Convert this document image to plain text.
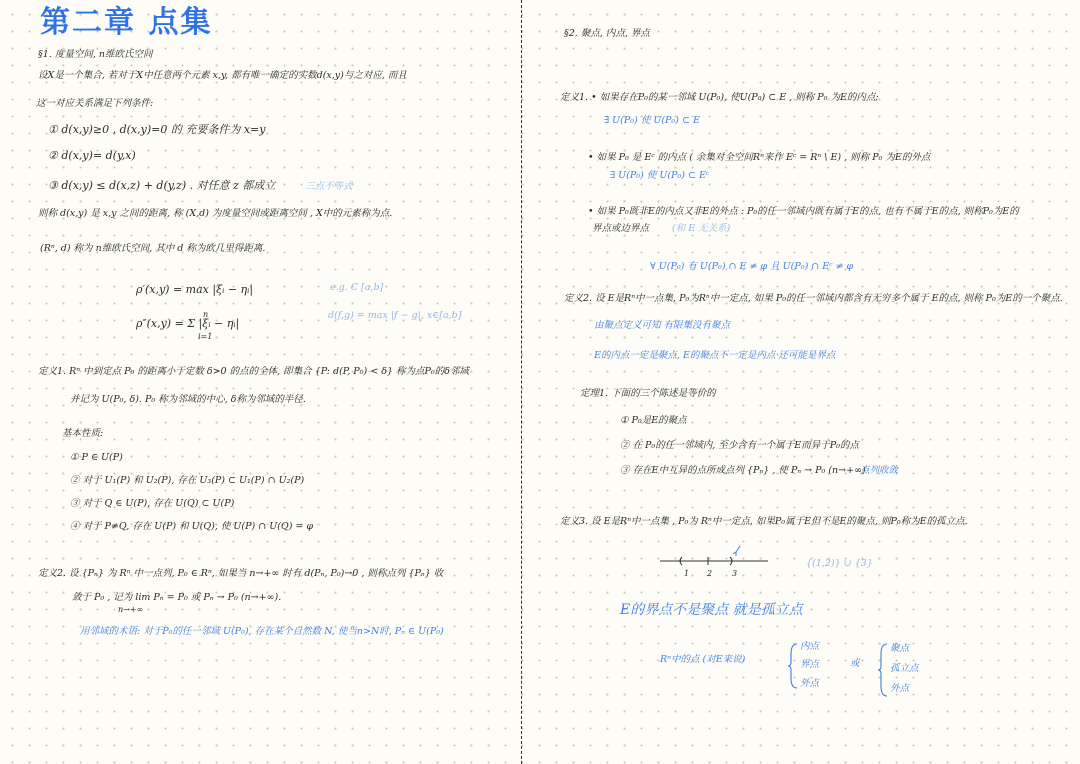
第二章 点集
§1. 度量空间, n维欧氏空间
设X是一个集合, 若对于X中任意两个元素 x,y, 都有唯一确定的实数d(x,y)与之对应, 而且
这一对应关系满足下列条件:
① d(x,y)≥0 , d(x,y)=0 的 充要条件为 x=y
② d(x,y)= d(y,x)
③ d(x,y) ≤ d(x,z) + d(y,z) . 对任意 z 都成立	三点不等式
则称 d(x,y) 是 x,y 之间的距离, 称 (X,d) 为度量空间或距离空间 , X中的元素称为点.
(Rⁿ, d) 称为 n维欧氏空间, 其中 d 称为欧几里得距离.
ρ′(x,y) = max |ξᵢ − ηᵢ|	e.g. C [a,b]
ρ″(x,y) = Σ |ξᵢ − ηᵢ|
n
i=1
d(f,g) = max |f − g|, x∈[a,b]
定义1. Rⁿ 中到定点 P₀ 的距离小于定数 δ>0 的点的全体, 即集合 {P: d(P, P₀) < δ} 称为点P₀的δ邻域
并记为 U(P₀, δ). P₀ 称为邻域的中心, δ称为邻域的半径.
基本性质:
① P ∈ U(P)
② 对于 U₁(P) 和 U₂(P), 存在 U₃(P) ⊂ U₁(P) ∩ U₂(P)
③ 对于 Q ∈ U(P), 存在 U(Q) ⊂ U(P)
④ 对于 P≠Q, 存在 U(P) 和 U(Q), 使 U(P) ∩ U(Q) = φ
定义2. 设 {Pₙ} 为 Rⁿ 中一点列, P₀ ∈ Rⁿ, 如果当 n→+∞ 时有 d(Pₙ, P₀)→0 , 则称点列 {Pₙ} 收
敛于 P₀ , 记为 lim Pₙ = P₀ 或 Pₙ → P₀ (n→+∞).
n→+∞
用邻域的术语: 对于P₀的任一邻域 U(P₀), 存在某个自然数 N, 使当n>N时, Pₙ ∈ U(P₀)
§2. 聚点, 内点, 界点
定义1. • 如果存在P₀的某一邻域 U(P₀), 使U(P₀) ⊂ E , 则称 P₀ 为E的内点;
∃ U(P₀) 使 U(P₀) ⊂ E
• 如果 P₀ 是 Eᶜ 的内点 ( 余集对全空间Rⁿ来作 Eᶜ = Rⁿ \ E) , 则称 P₀ 为E的外点
∃ U(P₀) 使 U(P₀) ⊂ Eᶜ
• 如果 P₀既非E的内点又非E的外点 : P₀的任一邻域内既有属于E的点, 也有不属于E的点, 则称P₀为E的
界点或边界点 (和 E 无关系)
∀ U(P₀) 有 U(P₀) ∩ E ≠ φ 且 U(P₀) ∩ Eᶜ ≠ φ
定义2. 设 E是Rⁿ中一点集, P₀为Rⁿ中一定点, 如果 P₀的任一邻域内都含有无穷多个属于 E的点, 则称 P₀为E的一个聚点.
由聚点定义可知 有限集没有聚点
E的内点一定是聚点, E的聚点不一定是内点 还可能是界点
定理1. 下面的三个陈述是等价的
① P₀是E的聚点
② 在 P₀的任一邻域内, 至少含有一个属于E而异于P₀的点
③ 存在E中互异的点所成点列 {Pₙ} , 使 Pₙ → P₀ (n→+∞)
点列收敛
定义3. 设 E是Rⁿ中一点集 , P₀为 Rⁿ中一定点, 如果P₀属于E但不是E的聚点, 则P₀称为E的孤立点.
1 2 3
{(1,2)} ∪ {3}
E的界点不是聚点 就是孤立点
Rⁿ中的点 (对E来说)
内点
界点
外点
或
聚点
孤立点
外点
